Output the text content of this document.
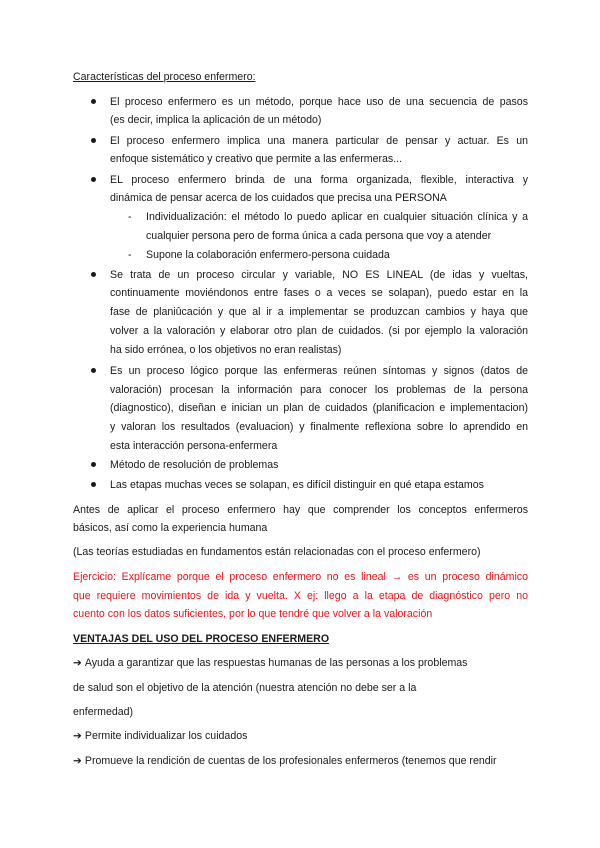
Características del proceso enfermero:
El proceso enfermero es un método, porque hace uso de una secuencia de pasos
(es decir, implica la aplicación de un método)
El proceso enfermero implica una manera particular de pensar y actuar. Es un
enfoque sistemático y creativo que permite a las enfermeras...
EL proceso enfermero brinda de una forma organizada, flexible, interactiva y
dinámica de pensar acerca de los cuidados que precisa una PERSONA
- Individualización: el método lo puedo aplicar en cualquier situación clínica y a
cualquier persona pero de forma única a cada persona que voy a atender
- Supone la colaboración enfermero-persona cuidada
Se trata de un proceso circular y variable, NO ES LINEAL (de idas y vueltas,
continuamente moviéndonos entre fases o a veces se solapan), puedo estar en la
fase de planiûcación y que al ir a implementar se produzcan cambios y haya que
volver a la valoración y elaborar otro plan de cuidados. (si por ejemplo la valoración
ha sido errónea, o los objetivos no eran realistas)
Es un proceso lógico porque las enfermeras reúnen síntomas y signos (datos de
valoración) procesan la información para conocer los problemas de la persona
(diagnostico), diseñan e inician un plan de cuidados (planificacion e implementacion)
y valoran los resultados (evaluacion) y finalmente reflexiona sobre lo aprendido en
esta interacción persona-enfermera
Método de resolución de problemas
Las etapas muchas veces se solapan, es difícil distinguir en qué etapa estamos
Antes de aplicar el proceso enfermero hay que comprender los conceptos enfermeros
básicos, así como la experiencia humana
(Las teorías estudiadas en fundamentos están relacionadas con el proceso enfermero)
Ejercicio: Explícame porque el proceso enfermero no es lineal → es un proceso dinámico
que requiere movimientos de ida y vuelta. X ej: llego a la etapa de diagnóstico pero no
cuento con los datos suficientes, por lo que tendré que volver a la valoración
VENTAJAS DEL USO DEL PROCESO ENFERMERO
➔ Ayuda a garantizar que las respuestas humanas de las personas a los problemas
de salud son el objetivo de la atención (nuestra atención no debe ser a la
enfermedad)
➔ Permite individualizar los cuidados
➔ Promueve la rendición de cuentas de los profesionales enfermeros (tenemos que rendir
